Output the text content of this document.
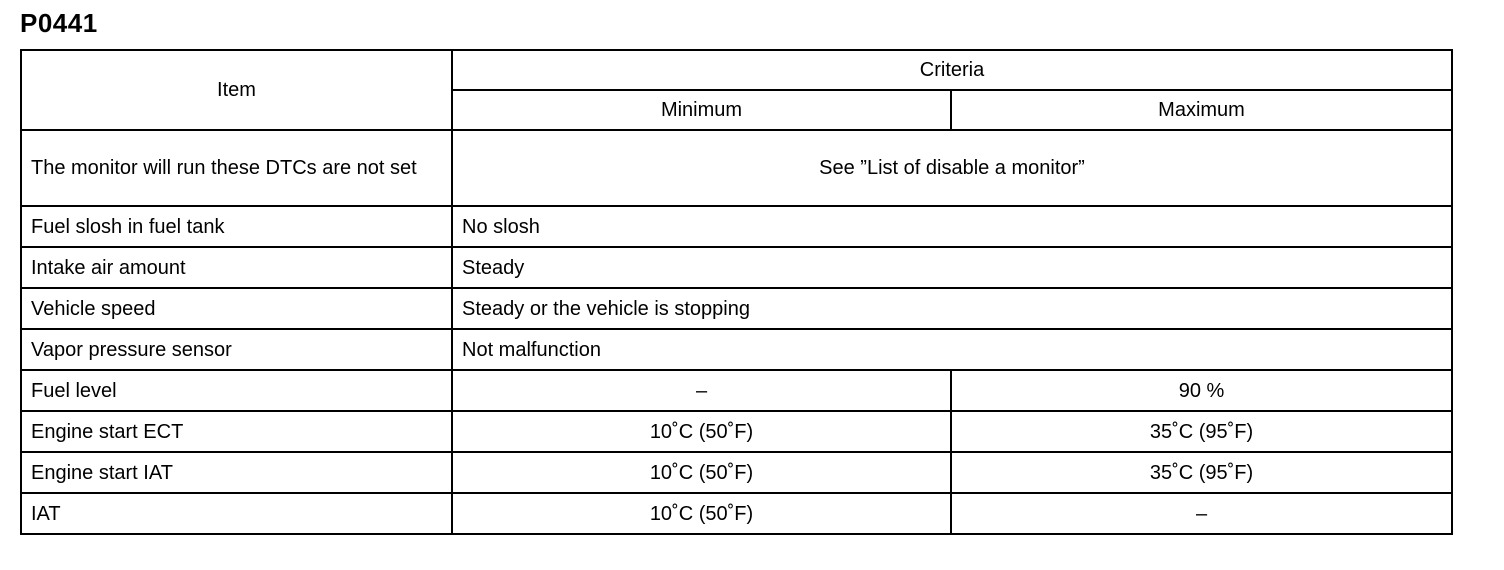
P0441
Item	Criteria	
	Minimum	Maximum
The monitor will run these DTCs are not set	See ”List of disable a monitor”	
Fuel slosh in fuel tank	No slosh	
Intake air amount	Steady	
Vehicle speed	Steady or the vehicle is stopping	
Vapor pressure sensor	Not malfunction	
Fuel level	–	90 %
Engine start ECT	10˚C (50˚F)	35˚C (95˚F)
Engine start IAT	10˚C (50˚F)	35˚C (95˚F)
IAT	10˚C (50˚F)	–
